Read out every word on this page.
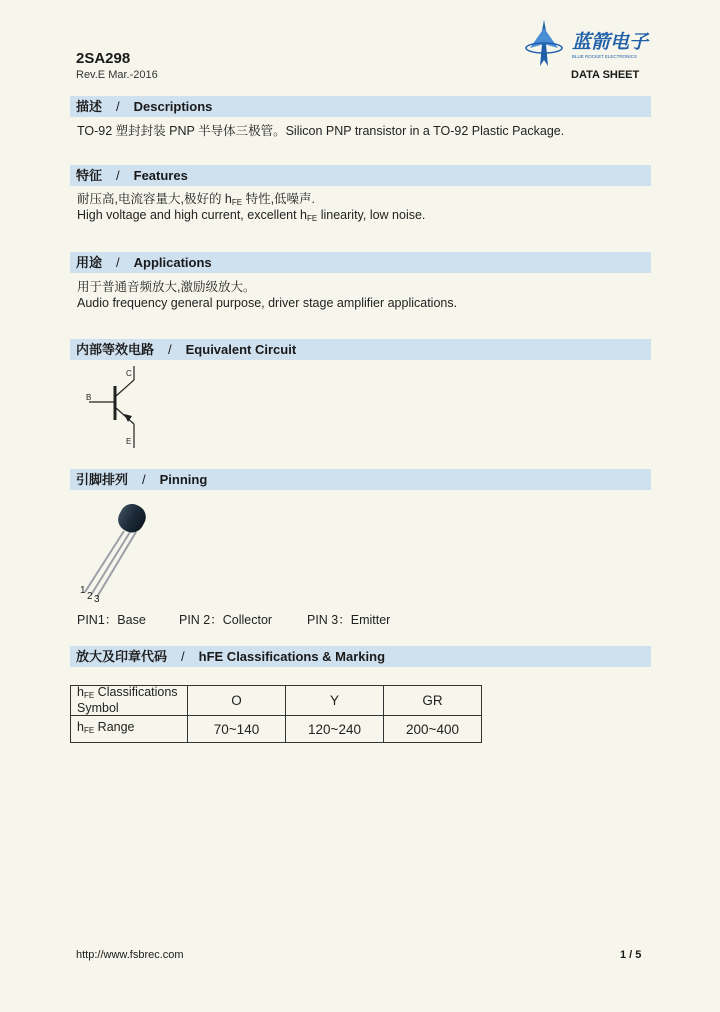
2SA298
Rev.E Mar.-2016
蓝箭电子
BLUE ROCKET ELECTRONICS
DATA SHEET
描述 / Descriptions
TO-92 塑封封装 PNP 半导体三极管。Silicon PNP transistor in a TO-92 Plastic Package.
特征 / Features
耐压高,电流容量大,极好的 $h_{FE}$ 特性,低噪声.
High voltage and high current, excellent $h_{FE}$ linearity, low noise.
用途 / Applications
用于普通音频放大,激励级放大。
Audio frequency general purpose, driver stage amplifier applications.
内部等效电路 / Equivalent Circuit
C
B
E
引脚排列 / Pinning
1
2 3
PIN1：Base	PIN 2：Collector	PIN 3：Emitter
放大及印章代码 / hFE Classifications & Marking
$h_{FE}$ Classifications
Symbol	O	Y	GR
$h_{FE}$ Range	70~140	120~240	200~400
http://www.fsbrec.com	1 / 5
